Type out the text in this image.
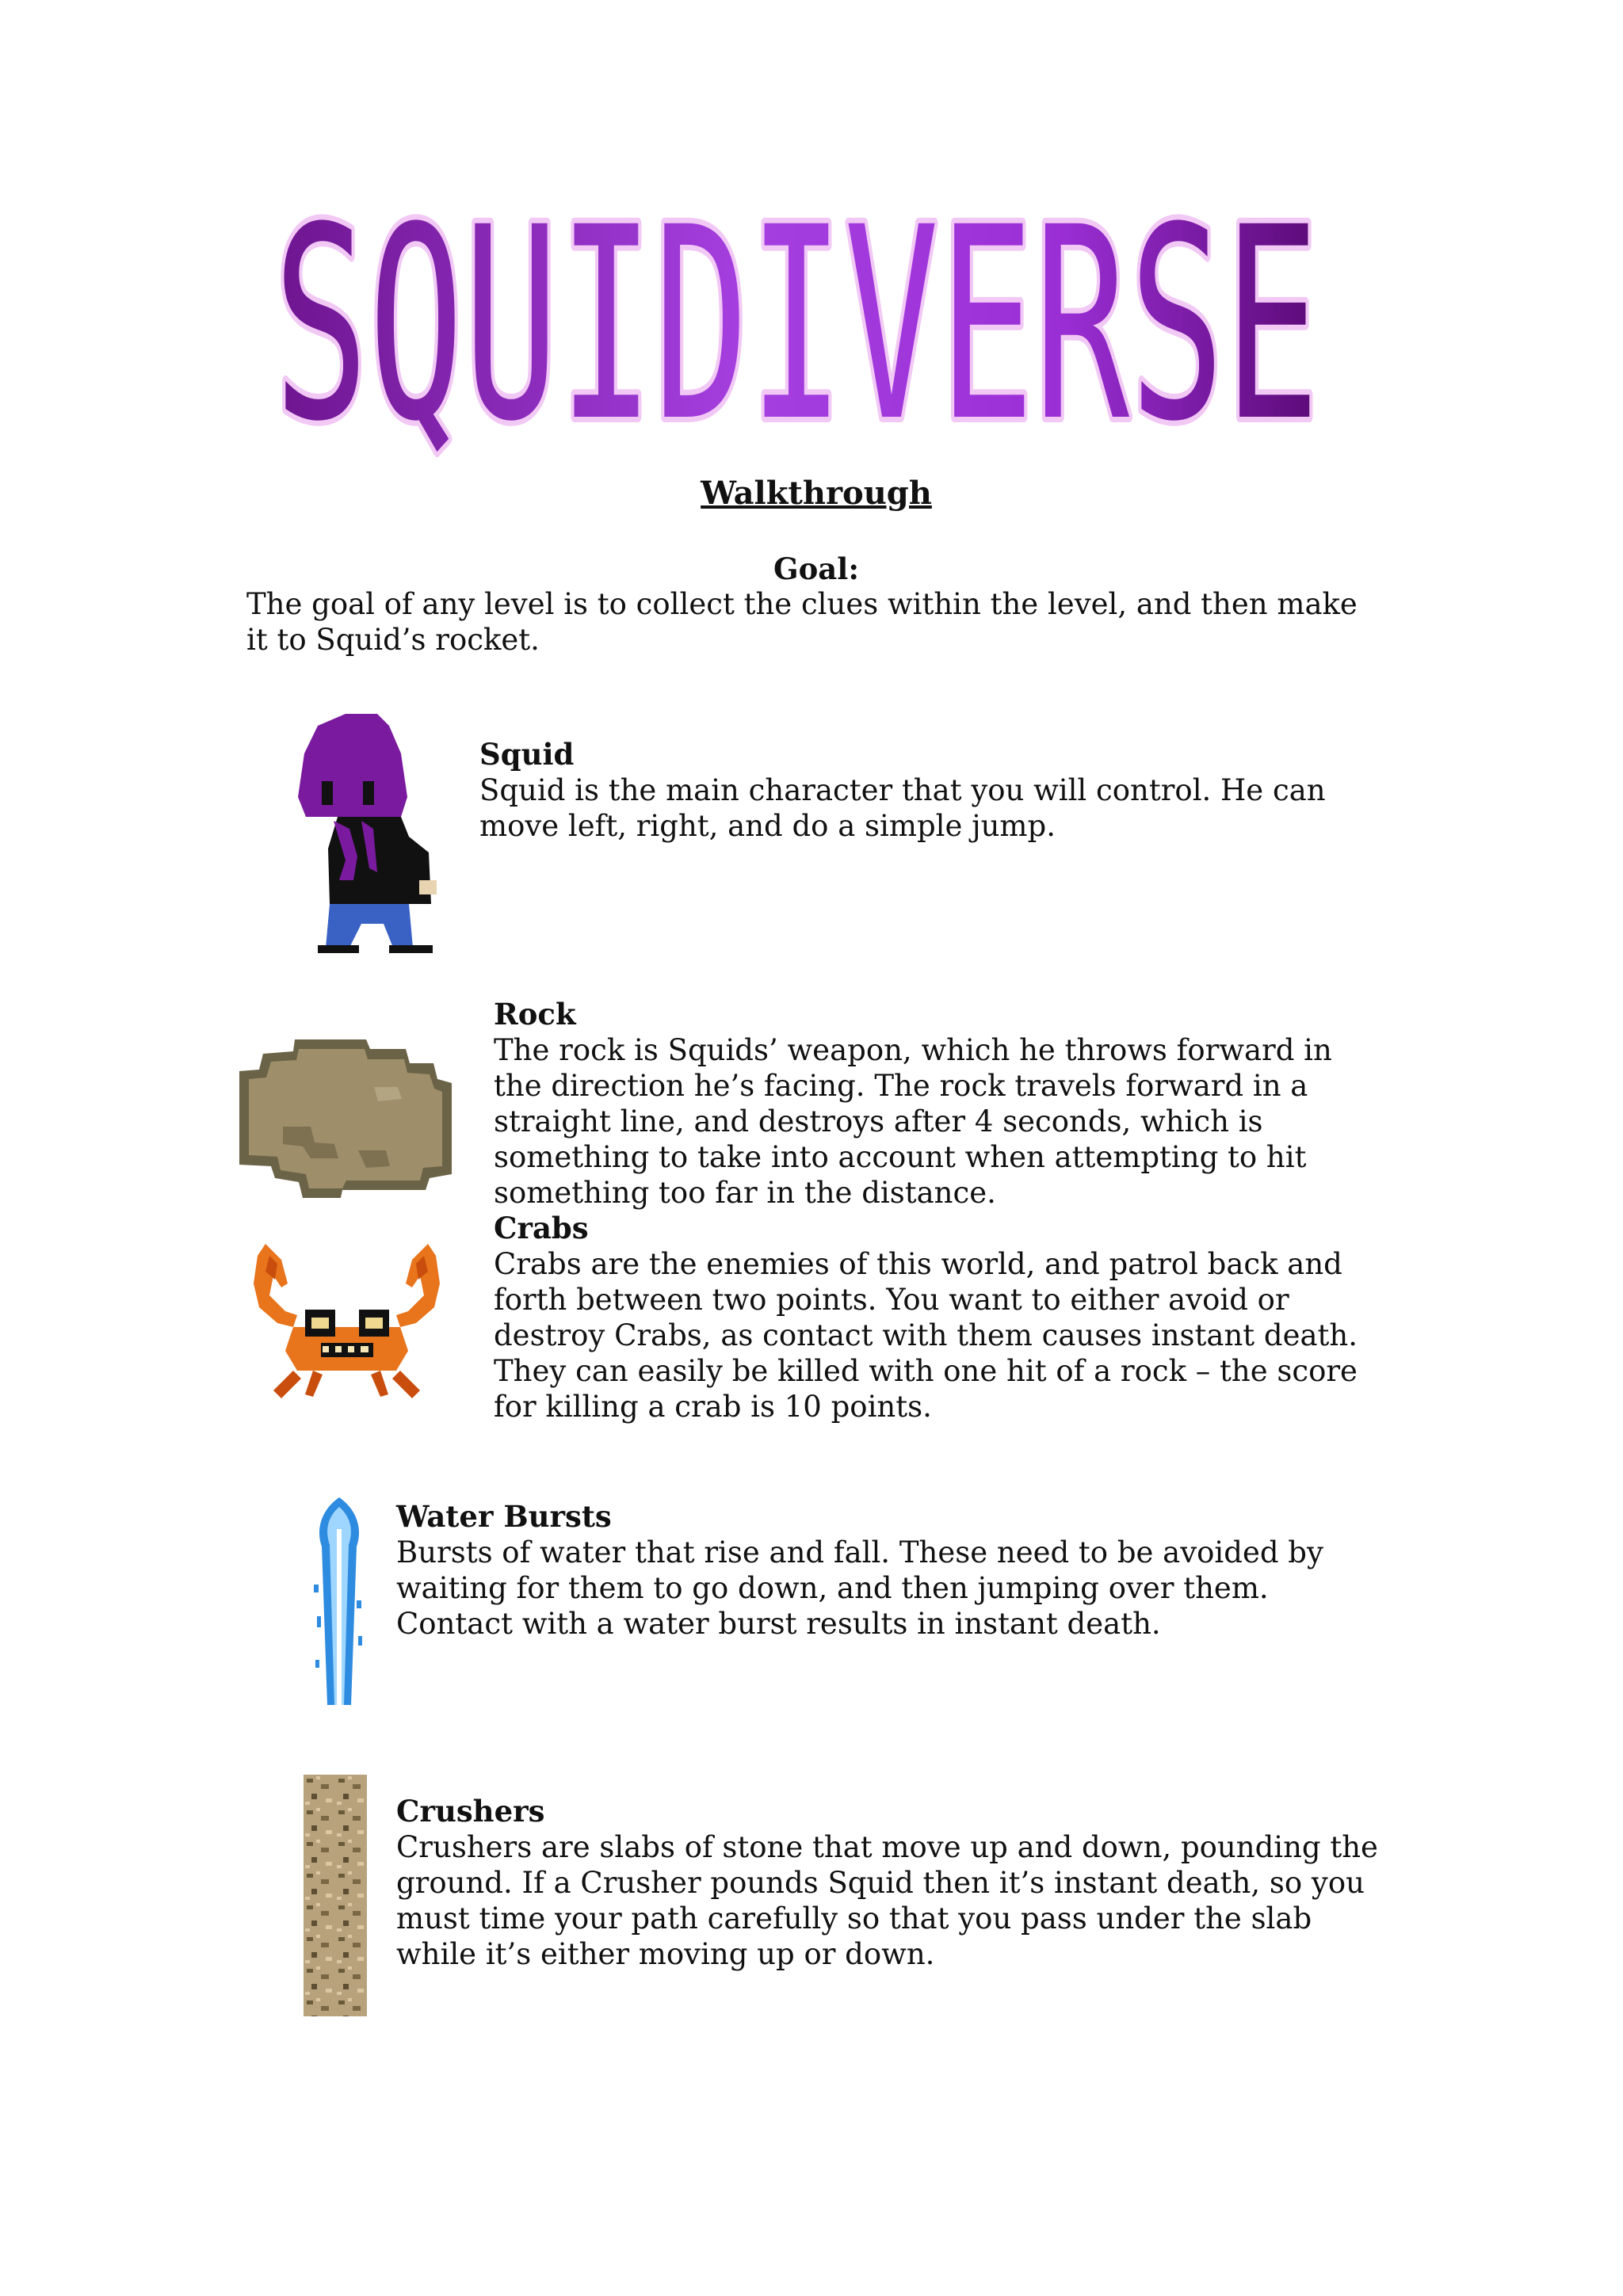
SQUIDIVERSE
SQUIDIVERSE
Walkthrough
Goal:
The goal of any level is to collect the clues within the level, and then make it to Squid’s rocket.
Squid
Squid is the main character that you will control. He can move left, right, and do a simple jump.
Rock
The rock is Squids’ weapon, which he throws forward in the direction he’s facing. The rock travels forward in a straight line, and destroys after 4 seconds, which is something to take into account when attempting to hit something too far in the distance.
Crabs
Crabs are the enemies of this world, and patrol back and forth between two points. You want to either avoid or destroy Crabs, as contact with them causes instant death. They can easily be killed with one hit of a rock – the score for killing a crab is 10 points.
Water Bursts
Bursts of water that rise and fall. These need to be avoided by waiting for them to go down, and then jumping over them. Contact with a water burst results in instant death.
Crushers
Crushers are slabs of stone that move up and down, pounding the ground. If a Crusher pounds Squid then it’s instant death, so you must time your path carefully so that you pass under the slab while it’s either moving up or down.
